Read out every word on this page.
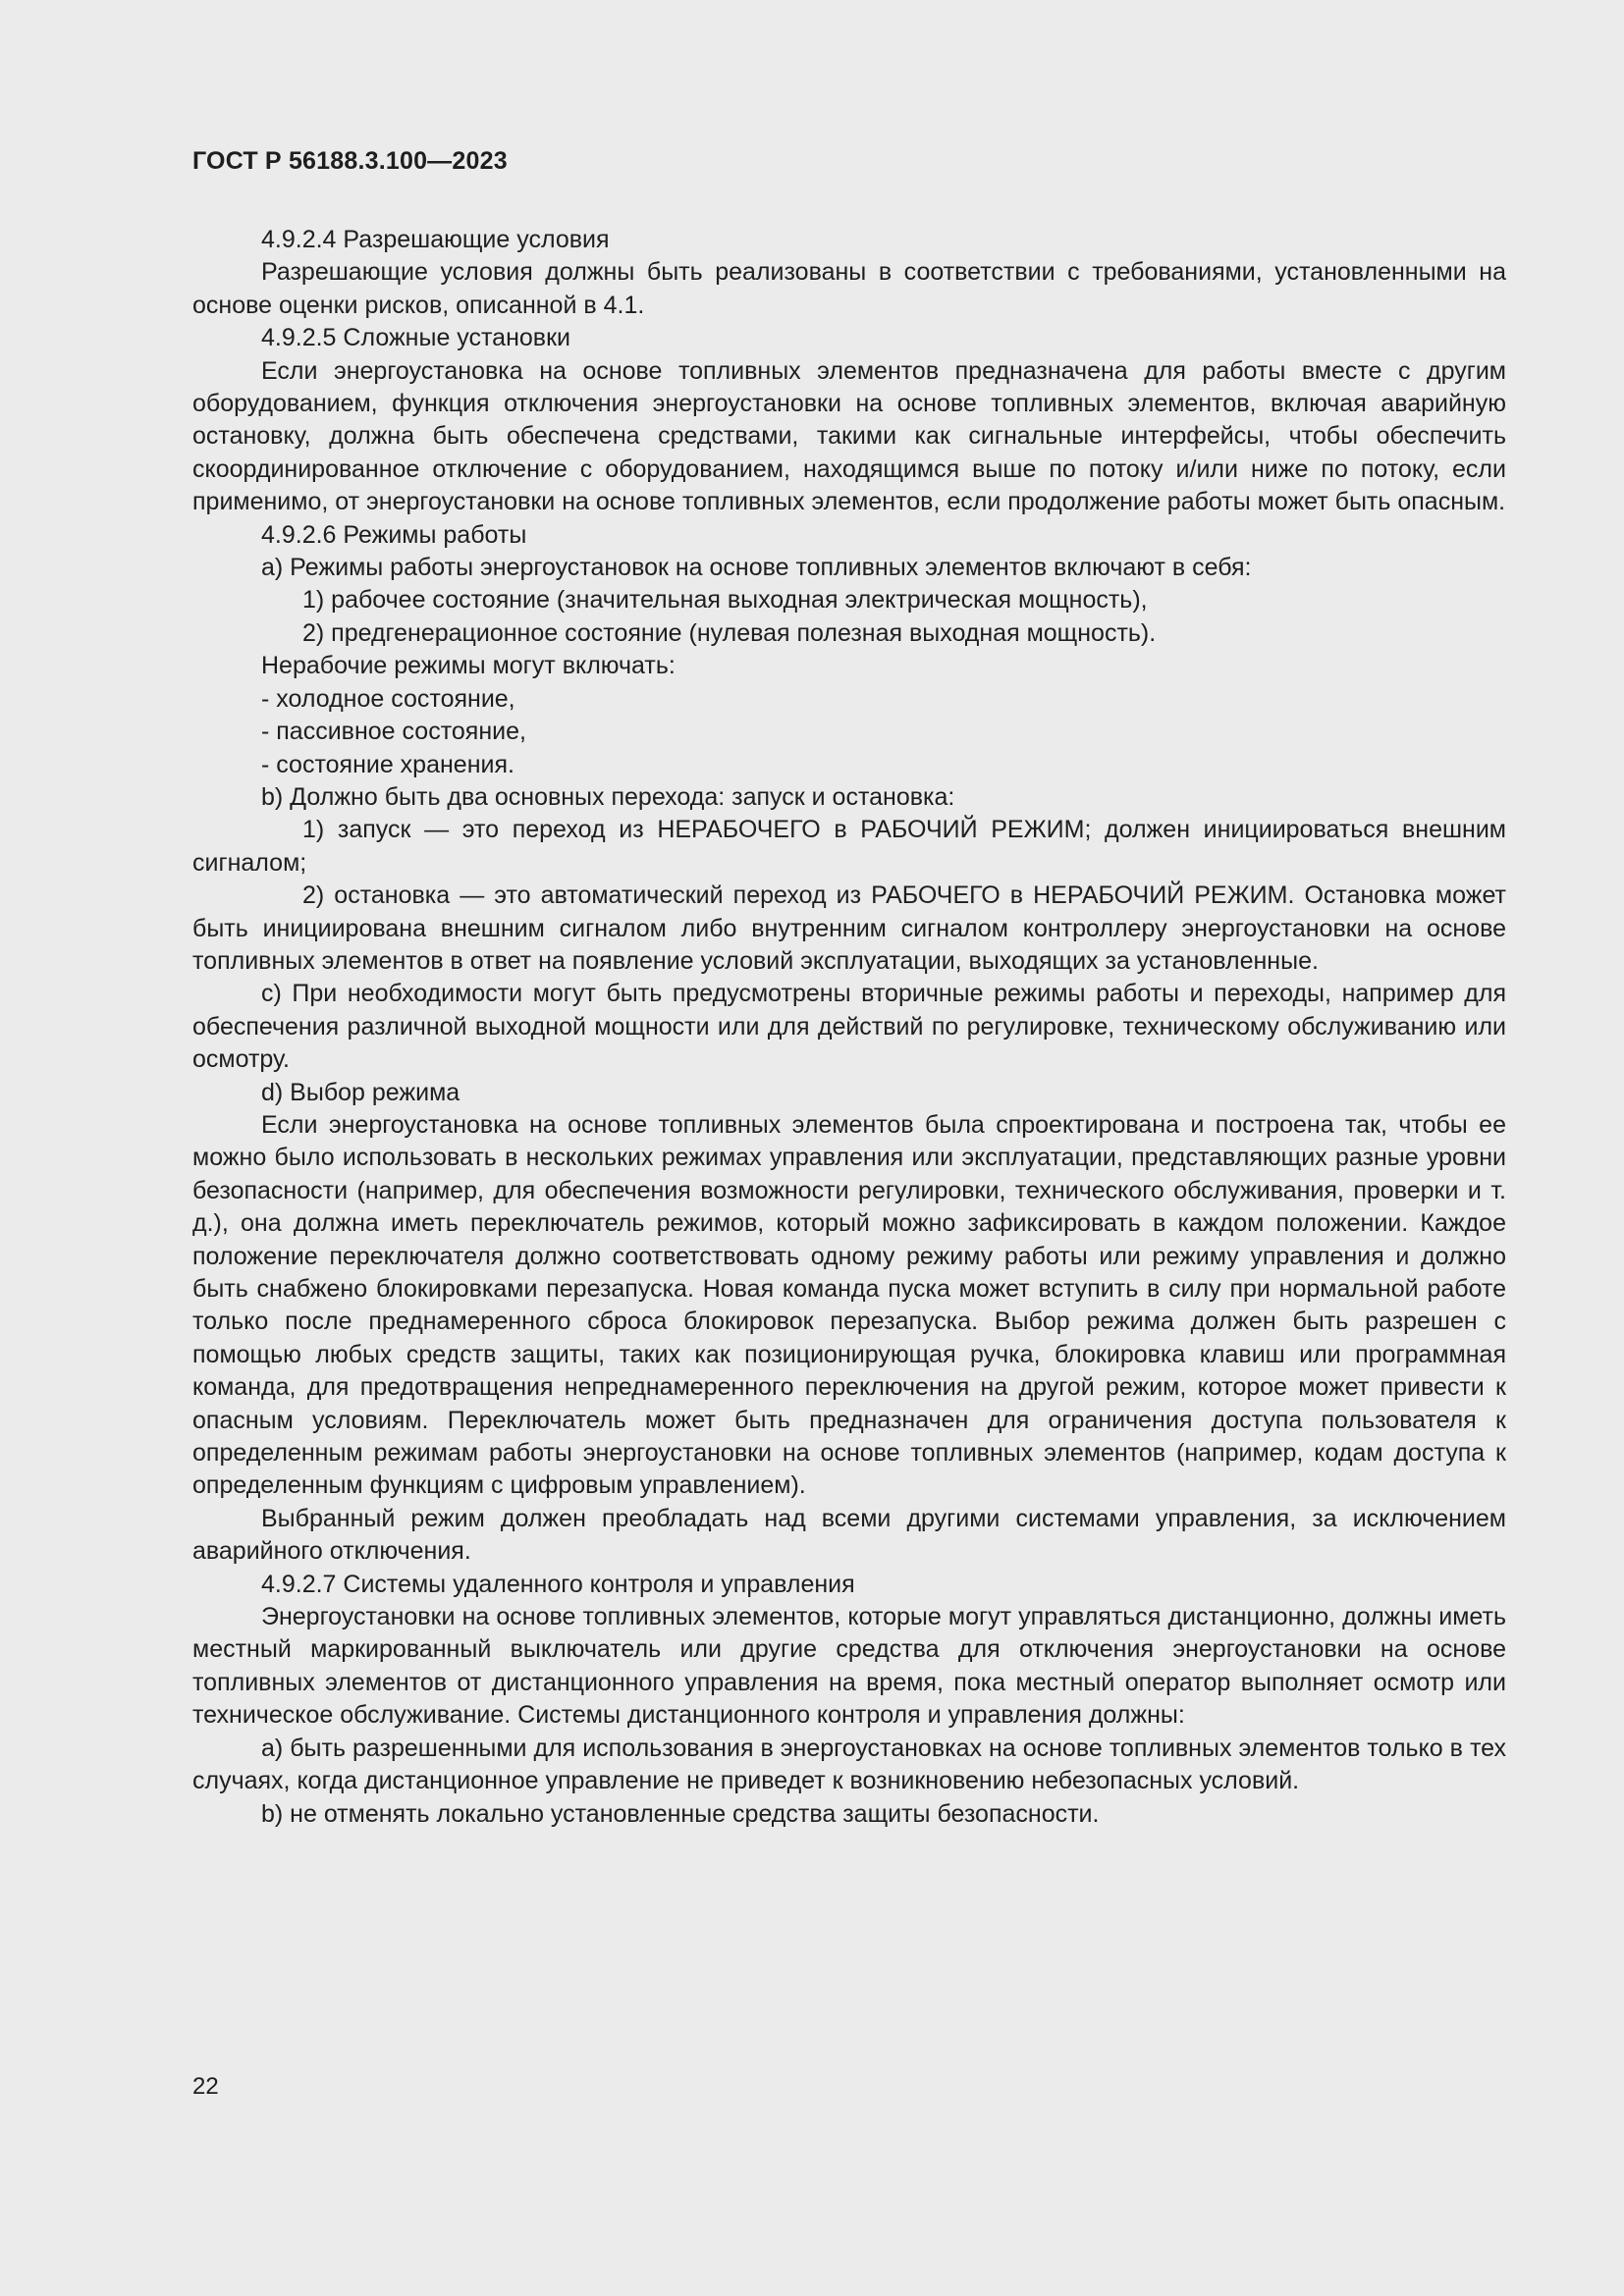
ГОСТ Р 56188.3.100—2023

4.9.2.4 Разрешающие условия

Разрешающие условия должны быть реализованы в соответствии с требованиями, установленными на основе оценки рисков, описанной в 4.1.

4.9.2.5 Сложные установки

Если энергоустановка на основе топливных элементов предназначена для работы вместе с другим оборудованием, функция отключения энергоустановки на основе топливных элементов, включая аварийную остановку, должна быть обеспечена средствами, такими как сигнальные интерфейсы, чтобы обеспечить скоординированное отключение с оборудованием, находящимся выше по потоку и/или ниже по потоку, если применимо, от энергоустановки на основе топливных элементов, если продолжение работы может быть опасным.

4.9.2.6 Режимы работы

a) Режимы работы энергоустановок на основе топливных элементов включают в себя:

1) рабочее состояние (значительная выходная электрическая мощность),

2) предгенерационное состояние (нулевая полезная выходная мощность).

Нерабочие режимы могут включать:

- холодное состояние,

- пассивное состояние,

- состояние хранения.

b) Должно быть два основных перехода: запуск и остановка:

1) запуск — это переход из НЕРАБОЧЕГО в РАБОЧИЙ РЕЖИМ; должен инициироваться внешним сигналом;

2) остановка — это автоматический переход из РАБОЧЕГО в НЕРАБОЧИЙ РЕЖИМ. Остановка может быть инициирована внешним сигналом либо внутренним сигналом контроллеру энергоустановки на основе топливных элементов в ответ на появление условий эксплуатации, выходящих за установленные.

c) При необходимости могут быть предусмотрены вторичные режимы работы и переходы, например для обеспечения различной выходной мощности или для действий по регулировке, техническому обслуживанию или осмотру.

d) Выбор режима

Если энергоустановка на основе топливных элементов была спроектирована и построена так, чтобы ее можно было использовать в нескольких режимах управления или эксплуатации, представляющих разные уровни безопасности (например, для обеспечения возможности регулировки, технического обслуживания, проверки и т. д.), она должна иметь переключатель режимов, который можно зафиксировать в каждом положении. Каждое положение переключателя должно соответствовать одному режиму работы или режиму управления и должно быть снабжено блокировками перезапуска. Новая команда пуска может вступить в силу при нормальной работе только после преднамеренного сброса блокировок перезапуска. Выбор режима должен быть разрешен с помощью любых средств защиты, таких как позиционирующая ручка, блокировка клавиш или программная команда, для предотвращения непреднамеренного переключения на другой режим, которое может привести к опасным условиям. Переключатель может быть предназначен для ограничения доступа пользователя к определенным режимам работы энергоустановки на основе топливных элементов (например, кодам доступа к определенным функциям с цифровым управлением).

Выбранный режим должен преобладать над всеми другими системами управления, за исключением аварийного отключения.

4.9.2.7 Системы удаленного контроля и управления

Энергоустановки на основе топливных элементов, которые могут управляться дистанционно, должны иметь местный маркированный выключатель или другие средства для отключения энергоустановки на основе топливных элементов от дистанционного управления на время, пока местный оператор выполняет осмотр или техническое обслуживание. Системы дистанционного контроля и управления должны:

a) быть разрешенными для использования в энергоустановках на основе топливных элементов только в тех случаях, когда дистанционное управление не приведет к возникновению небезопасных условий.

b) не отменять локально установленные средства защиты безопасности.

22
